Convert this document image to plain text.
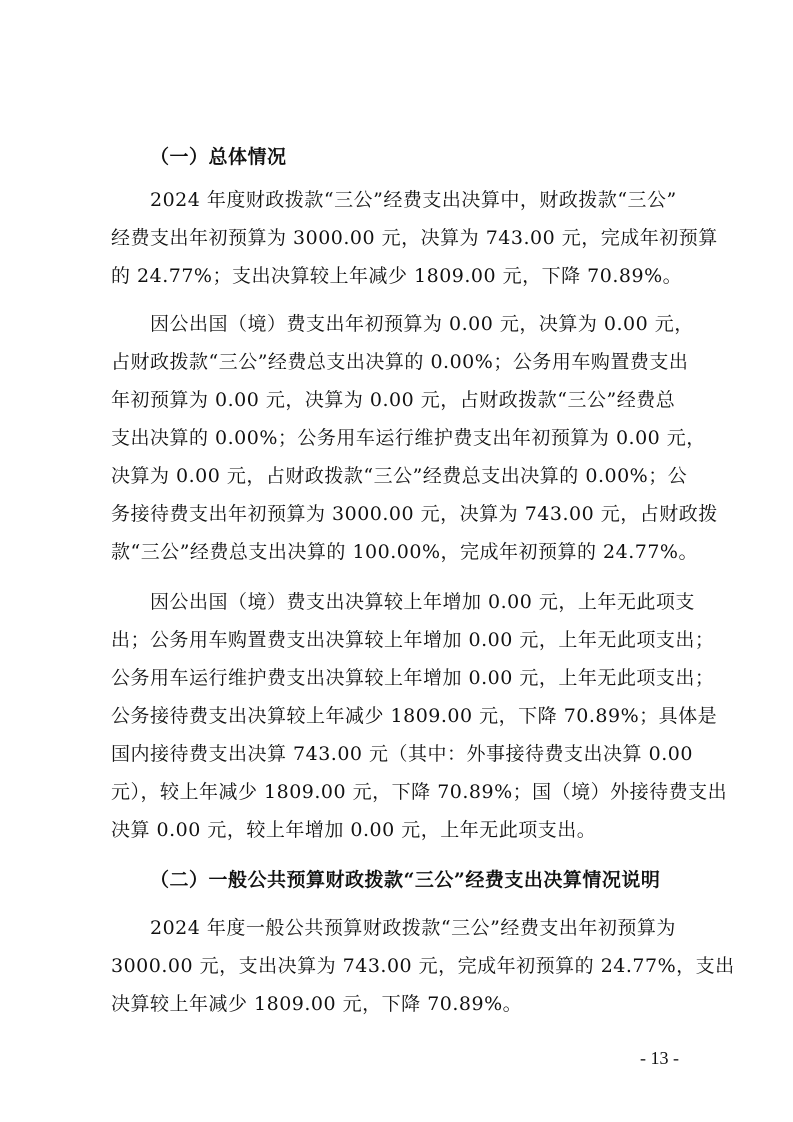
（一）总体情况
2024 年度财政拨款“三公”经费支出决算中，财政拨款“三公”
经费支出年初预算为 3000.00 元，决算为 743.00 元，完成年初预算
的 24.77%；支出决算较上年减少 1809.00 元，下降 70.89%。
因公出国（境）费支出年初预算为 0.00 元，决算为 0.00 元，
占财政拨款“三公”经费总支出决算的 0.00%；公务用车购置费支出
年初预算为 0.00 元，决算为 0.00 元，占财政拨款“三公”经费总
支出决算的 0.00%；公务用车运行维护费支出年初预算为 0.00 元，
决算为 0.00 元，占财政拨款“三公”经费总支出决算的 0.00%；公
务接待费支出年初预算为 3000.00 元，决算为 743.00 元，占财政拨
款“三公”经费总支出决算的 100.00%，完成年初预算的 24.77%。
因公出国（境）费支出决算较上年增加 0.00 元，上年无此项支
出；公务用车购置费支出决算较上年增加 0.00 元，上年无此项支出；
公务用车运行维护费支出决算较上年增加 0.00 元，上年无此项支出；
公务接待费支出决算较上年减少 1809.00 元，下降 70.89%；具体是
国内接待费支出决算 743.00 元（其中：外事接待费支出决算 0.00
元），较上年减少 1809.00 元，下降 70.89%；国（境）外接待费支出
决算 0.00 元，较上年增加 0.00 元，上年无此项支出。
（二）一般公共预算财政拨款“三公”经费支出决算情况说明
2024 年度一般公共预算财政拨款“三公”经费支出年初预算为
3000.00 元，支出决算为 743.00 元，完成年初预算的 24.77%，支出
决算较上年减少 1809.00 元，下降 70.89%。
- 13 -
